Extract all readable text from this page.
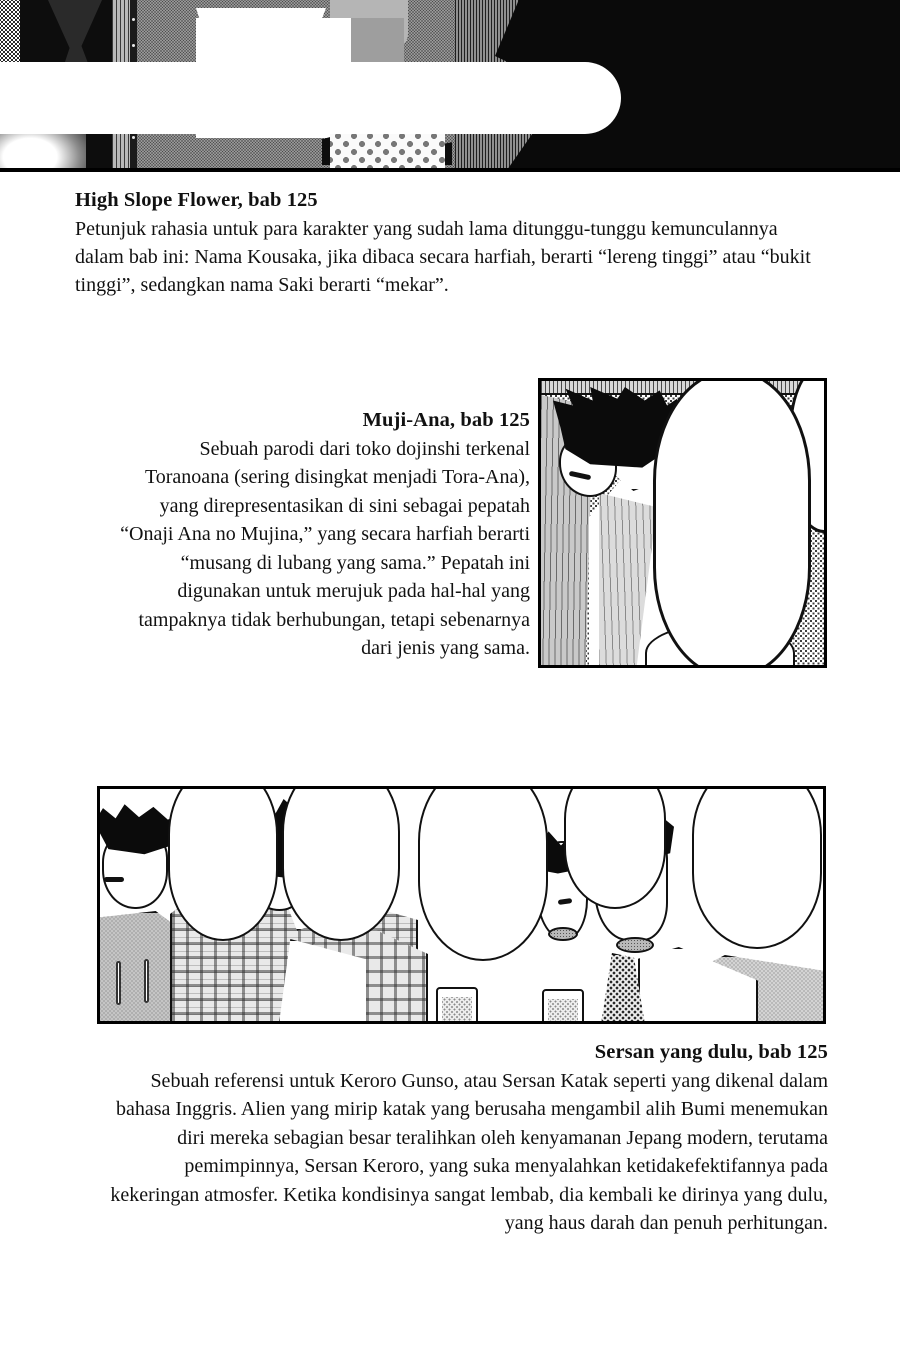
High Slope Flower, bab 125
Petunjuk rahasia untuk para karakter yang sudah lama ditunggu-tunggu kemunculannya dalam bab ini: Nama Kousaka, jika dibaca secara harfiah, berarti “lereng tinggi” atau “bukit tinggi”, sedangkan nama Saki berarti “mekar”.
Muji-Ana, bab 125
Sebuah parodi dari toko dojinshi terkenal Toranoana (sering disingkat menjadi Tora-Ana), yang direpresentasikan di sini sebagai pepatah “Onaji Ana no Mujina,” yang secara harfiah berarti “musang di lubang yang sama.” Pepatah ini digunakan untuk merujuk pada hal-hal yang tampaknya tidak berhubungan, tetapi sebenarnya dari jenis yang sama.
Sersan yang dulu, bab 125
Sebuah referensi untuk Keroro Gunso, atau Sersan Katak seperti yang dikenal dalam bahasa Inggris. Alien yang mirip katak yang berusaha mengambil alih Bumi menemukan diri mereka sebagian besar teralihkan oleh kenyamanan Jepang modern, terutama pemimpinnya, Sersan Keroro, yang suka menyalahkan ketidakefektifannya pada kekeringan atmosfer. Ketika kondisinya sangat lembab, dia kembali ke dirinya yang dulu, yang haus darah dan penuh perhitungan.
